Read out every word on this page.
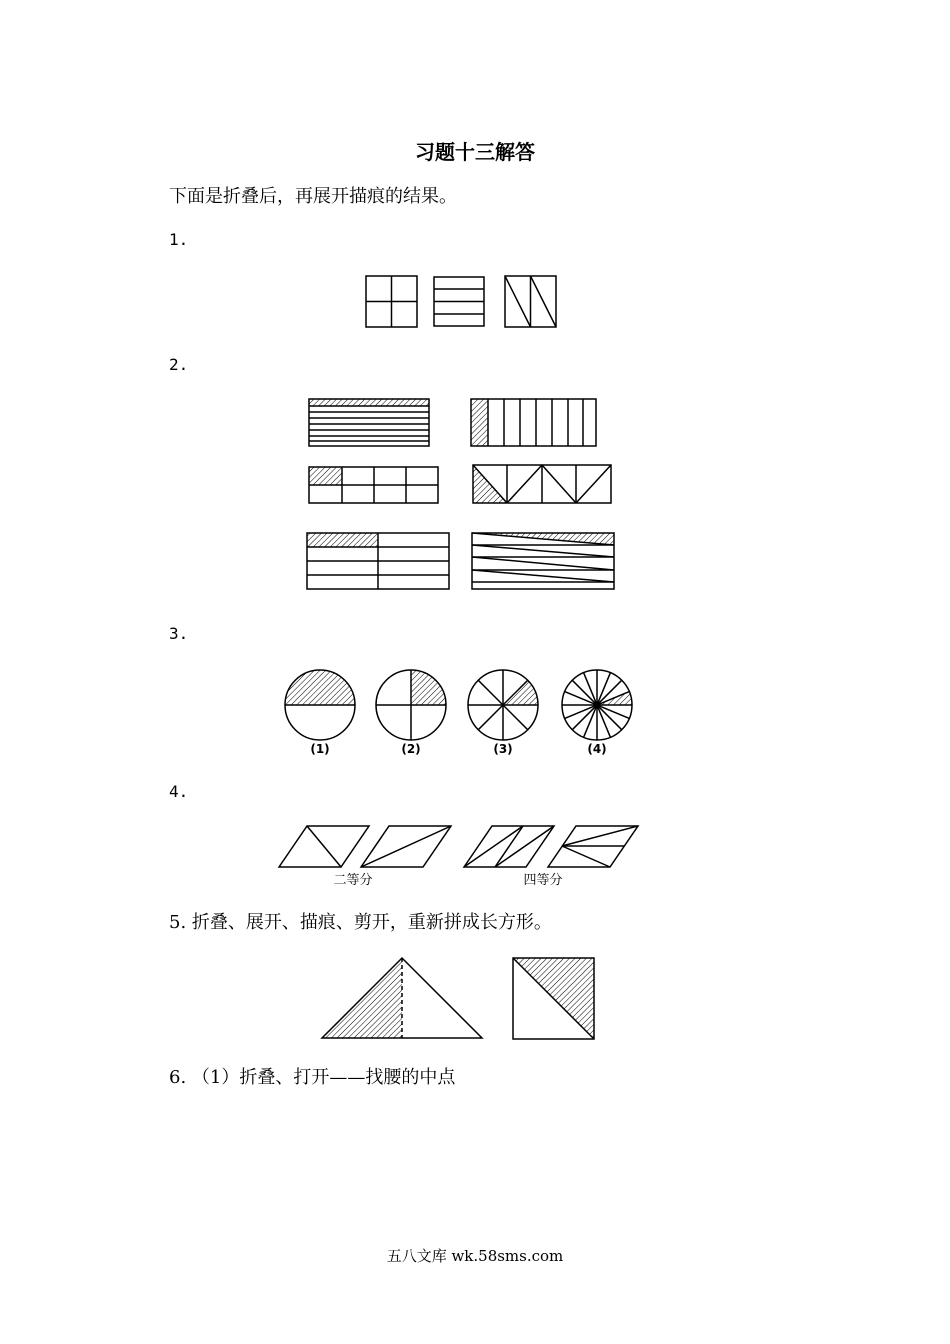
习题十三解答
下面是折叠后，再展开描痕的结果。
1.
2.
3.
4.
5. 折叠、展开、描痕、剪开，重新拼成长方形。
6. （1）折叠、打开——找腰的中点
(1)	(2)	(3)	(4)
二等分	四等分
五八文库 wk.58sms.com
